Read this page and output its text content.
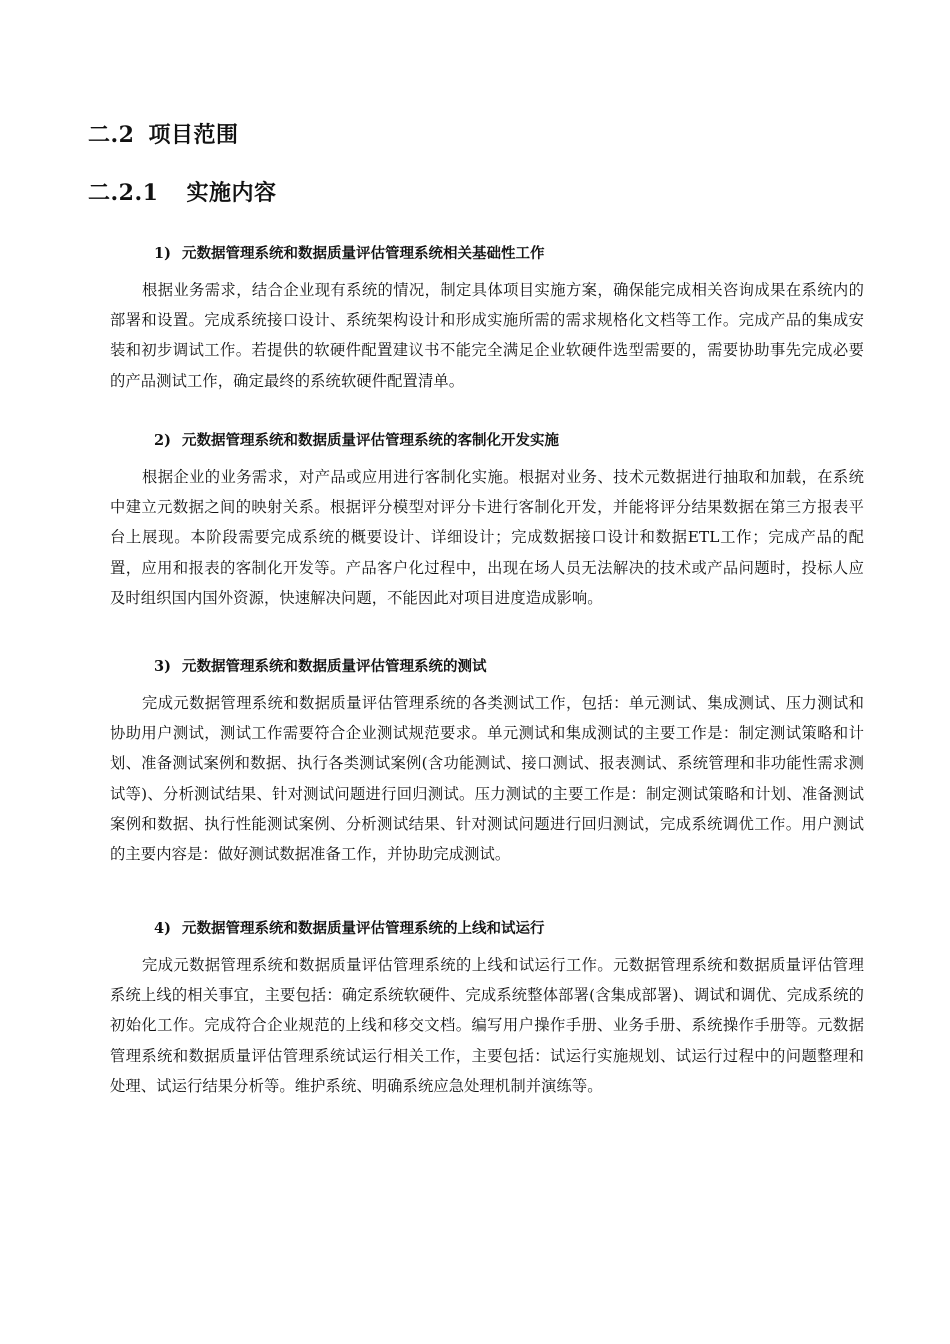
二.2 项目范围
二.2.1 实施内容
1) 元数据管理系统和数据质量评估管理系统相关基础性工作

根据业务需求，结合企业现有系统的情况，制定具体项目实施方案，确保能完成相关咨询成果在系统内的部署和设置。完成系统接口设计、系统架构设计和形成实施所需的需求规格化文档等工作。完成产品的集成安装和初步调试工作。若提供的软硬件配置建议书不能完全满足企业软硬件选型需要的，需要协助事先完成必要的产品测试工作，确定最终的系统软硬件配置清单。

2) 元数据管理系统和数据质量评估管理系统的客制化开发实施

根据企业的业务需求，对产品或应用进行客制化实施。根据对业务、技术元数据进行抽取和加载，在系统中建立元数据之间的映射关系。根据评分模型对评分卡进行客制化开发，并能将评分结果数据在第三方报表平台上展现。本阶段需要完成系统的概要设计、详细设计；完成数据接口设计和数据ETL工作；完成产品的配置，应用和报表的客制化开发等。产品客户化过程中，出现在场人员无法解决的技术或产品问题时，投标人应及时组织国内国外资源，快速解决问题，不能因此对项目进度造成影响。

3) 元数据管理系统和数据质量评估管理系统的测试

完成元数据管理系统和数据质量评估管理系统的各类测试工作，包括：单元测试、集成测试、压力测试和协助用户测试，测试工作需要符合企业测试规范要求。单元测试和集成测试的主要工作是：制定测试策略和计划、准备测试案例和数据、执行各类测试案例(含功能测试、接口测试、报表测试、系统管理和非功能性需求测试等)、分析测试结果、针对测试问题进行回归测试。压力测试的主要工作是：制定测试策略和计划、准备测试案例和数据、执行性能测试案例、分析测试结果、针对测试问题进行回归测试，完成系统调优工作。用户测试的主要内容是：做好测试数据准备工作，并协助完成测试。

4) 元数据管理系统和数据质量评估管理系统的上线和试运行

完成元数据管理系统和数据质量评估管理系统的上线和试运行工作。元数据管理系统和数据质量评估管理系统上线的相关事宜，主要包括：确定系统软硬件、完成系统整体部署(含集成部署)、调试和调优、完成系统的初始化工作。完成符合企业规范的上线和移交文档。编写用户操作手册、业务手册、系统操作手册等。元数据管理系统和数据质量评估管理系统试运行相关工作，主要包括：试运行实施规划、试运行过程中的问题整理和处理、试运行结果分析等。维护系统、明确系统应急处理机制并演练等。
